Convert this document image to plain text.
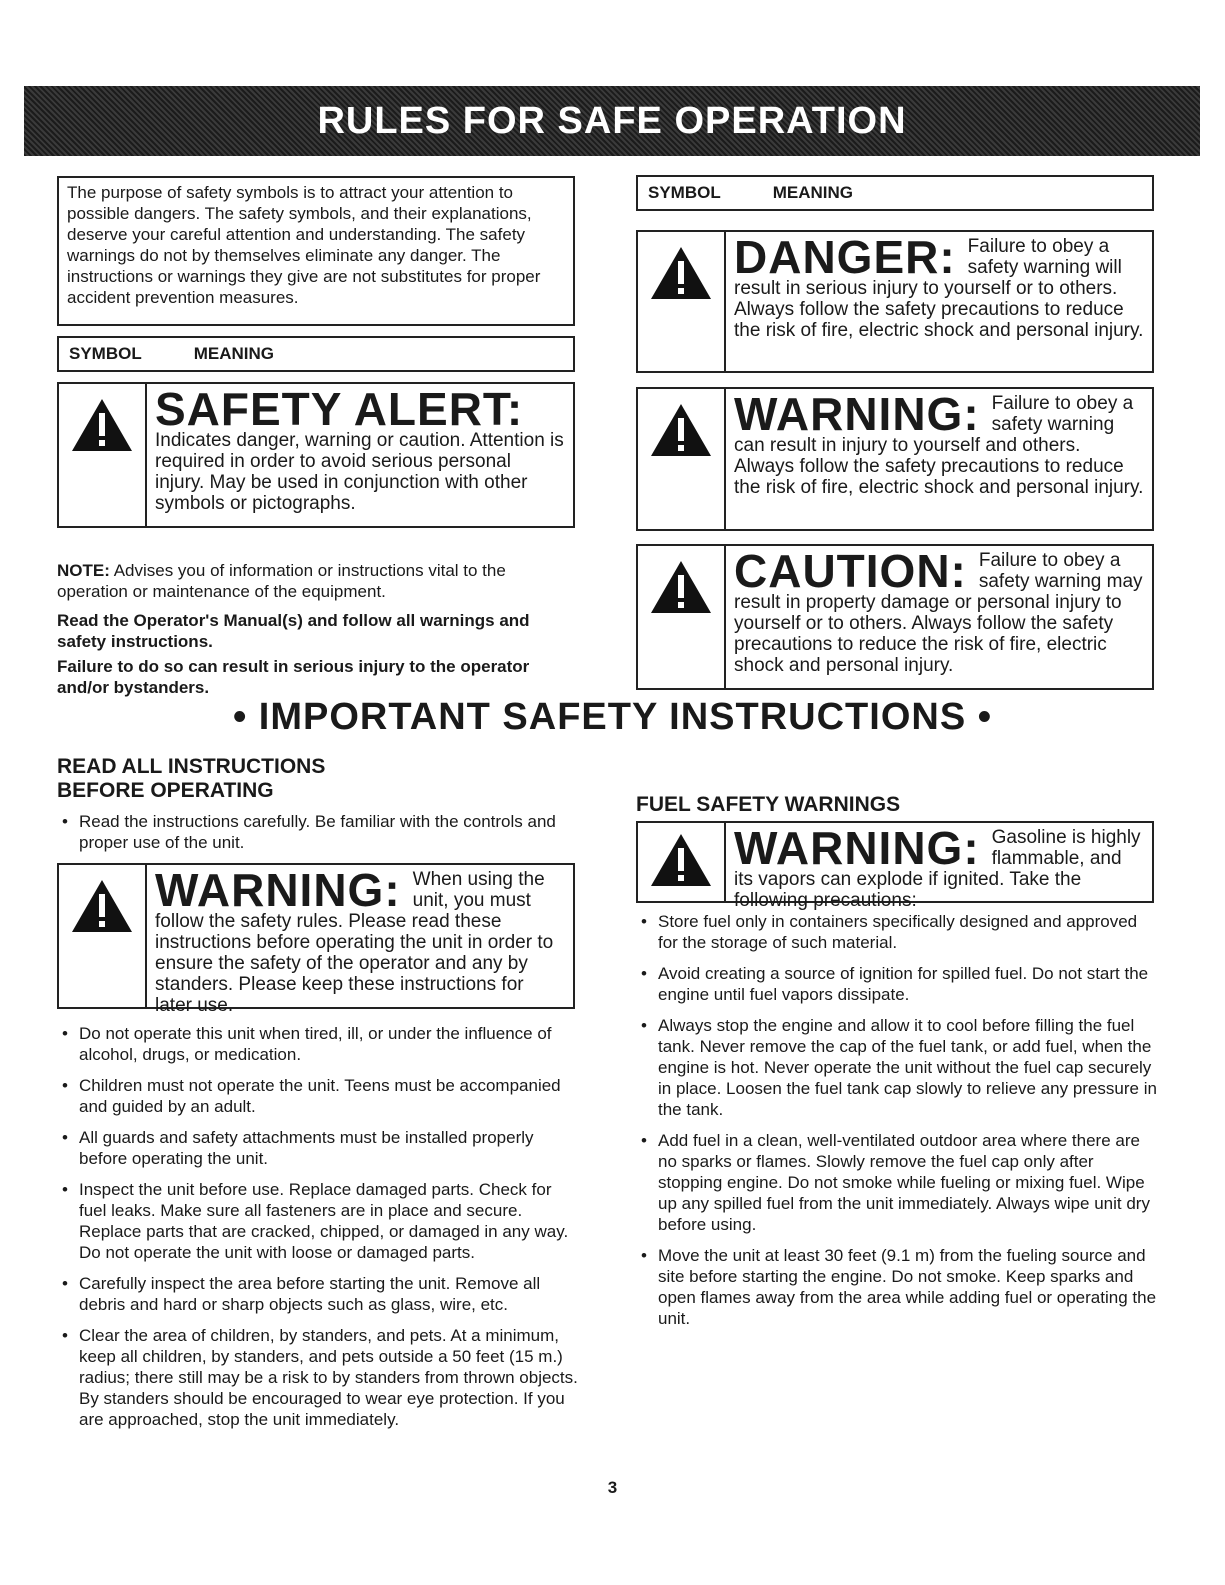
RULES FOR SAFE OPERATION
The purpose of safety symbols is to attract your attention to possible dangers. The safety symbols, and their explanations, deserve your careful attention and understanding. The safety warnings do not by themselves eliminate any danger. The instructions or warnings they give are not substitutes for proper accident prevention measures.
SYMBOL	MEANING
SAFETY ALERT:
Indicates danger, warning or caution. Attention is required in order to avoid serious personal injury. May be used in conjunction with other symbols or pictographs.
NOTE: Advises you of information or instructions vital to the operation or maintenance of the equipment.
Read the Operator's Manual(s) and follow all warnings and safety instructions.
Failure to do so can result in serious injury to the operator and/or bystanders.
SYMBOL	MEANING
DANGER: Failure to obey a safety warning will result in serious injury to yourself or to others. Always follow the safety precautions to reduce the risk of fire, electric shock and personal injury.
WARNING: Failure to obey a safety warning can result in injury to yourself and others. Always follow the safety precautions to reduce the risk of fire, electric shock and personal injury.
CAUTION: Failure to obey a safety warning may result in property damage or personal injury to yourself or to others. Always follow the safety precautions to reduce the risk of fire, electric shock and personal injury.
• IMPORTANT SAFETY INSTRUCTIONS •
READ ALL INSTRUCTIONS
BEFORE OPERATING
• Read the instructions carefully. Be familiar with the controls and proper use of the unit.
WARNING: When using the unit, you must follow the safety rules. Please read these instructions before operating the unit in order to ensure the safety of the operator and any by standers. Please keep these instructions for later use.
• Do not operate this unit when tired, ill, or under the influence of alcohol, drugs, or medication.
• Children must not operate the unit. Teens must be accompanied and guided by an adult.
• All guards and safety attachments must be installed properly before operating the unit.
• Inspect the unit before use. Replace damaged parts. Check for fuel leaks. Make sure all fasteners are in place and secure. Replace parts that are cracked, chipped, or damaged in any way. Do not operate the unit with loose or damaged parts.
• Carefully inspect the area before starting the unit. Remove all debris and hard or sharp objects such as glass, wire, etc.
• Clear the area of children, by standers, and pets. At a minimum, keep all children, by standers, and pets outside a 50 feet (15 m.) radius; there still may be a risk to by standers from thrown objects. By standers should be encouraged to wear eye protection. If you are approached, stop the unit immediately.
FUEL SAFETY WARNINGS
WARNING: Gasoline is highly flammable, and its vapors can explode if ignited. Take the following precautions:
• Store fuel only in containers specifically designed and approved for the storage of such material.
• Avoid creating a source of ignition for spilled fuel. Do not start the engine until fuel vapors dissipate.
• Always stop the engine and allow it to cool before filling the fuel tank. Never remove the cap of the fuel tank, or add fuel, when the engine is hot. Never operate the unit without the fuel cap securely in place. Loosen the fuel tank cap slowly to relieve any pressure in the tank.
• Add fuel in a clean, well-ventilated outdoor area where there are no sparks or flames. Slowly remove the fuel cap only after stopping engine. Do not smoke while fueling or mixing fuel. Wipe up any spilled fuel from the unit immediately. Always wipe unit dry before using.
• Move the unit at least 30 feet (9.1 m) from the fueling source and site before starting the engine. Do not smoke. Keep sparks and open flames away from the area while adding fuel or operating the unit.
3
